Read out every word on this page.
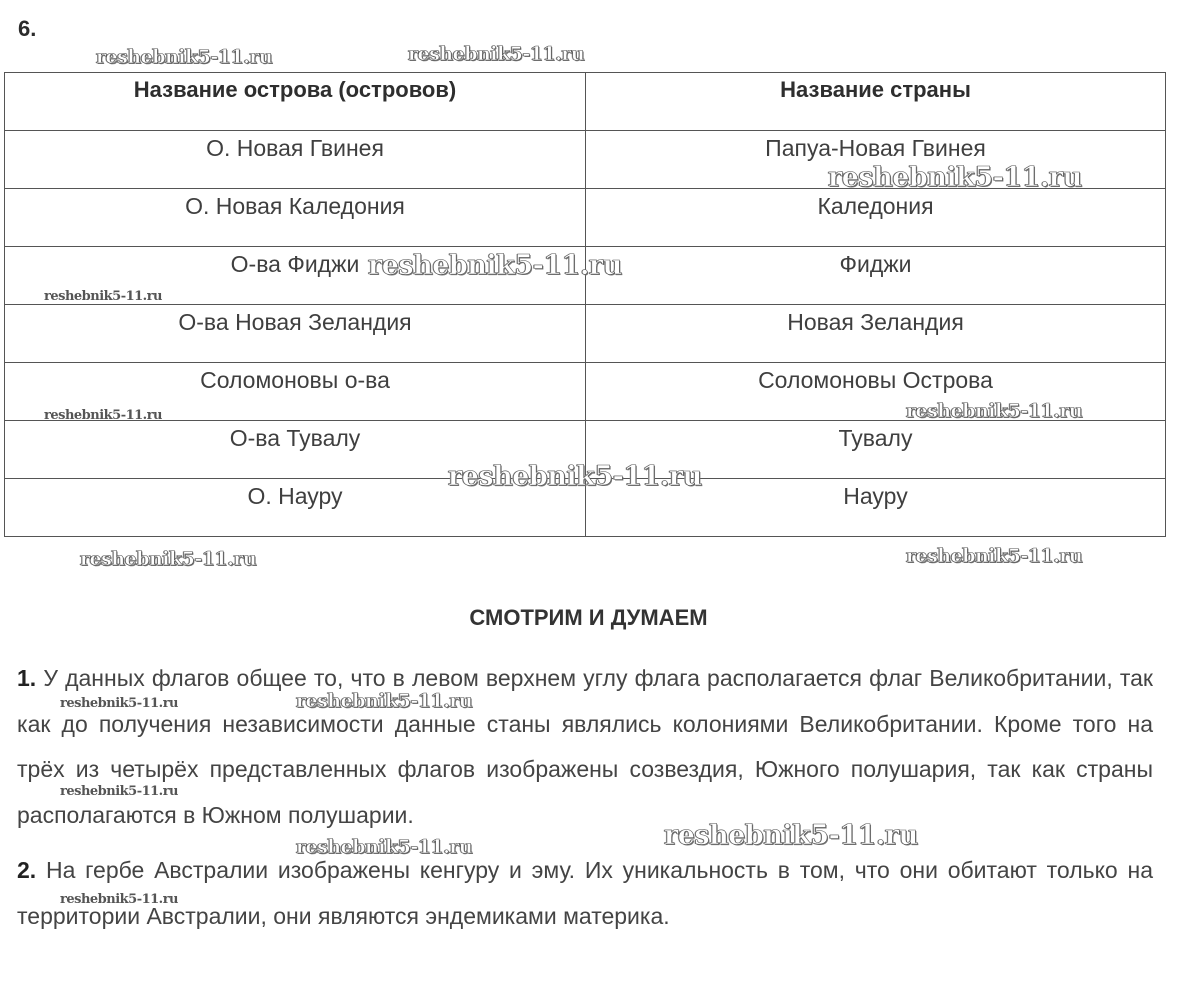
6.
Название острова (островов)	Название страны
О. Новая Гвинея	Папуа-Новая Гвинея
О. Новая Каледония	Каледония
О-ва Фиджи	Фиджи
О-ва Новая Зеландия	Новая Зеландия
Соломоновы о-ва	Соломоновы Острова
О-ва Тувалу	Тувалу
О. Науру	Науру
СМОТРИМ И ДУМАЕМ
1. У данных флагов общее то, что в левом верхнем углу флага располагается флаг Великобритании, так как до получения независимости данные станы являлись колониями Великобритании. Кроме того на трёх из четырёх представленных флагов изображены созвездия, Южного полушария, так как страны располагаются в Южном полушарии.
2. На гербе Австралии изображены кенгуру и эму. Их уникальность в том, что они обитают только на территории Австралии, они являются эндемиками материка.
reshebnik5-11.ru	reshebnik5-11.ru
reshebnik5-11.ru
reshebnik5-11.ru
reshebnik5-11.ru
reshebnik5-11.ru	reshebnik5-11.ru
reshebnik5-11.ru
reshebnik5-11.ru	reshebnik5-11.ru
reshebnik5-11.ru	reshebnik5-11.ru
reshebnik5-11.ru
reshebnik5-11.ru
reshebnik5-11.ru
reshebnik5-11.ru
